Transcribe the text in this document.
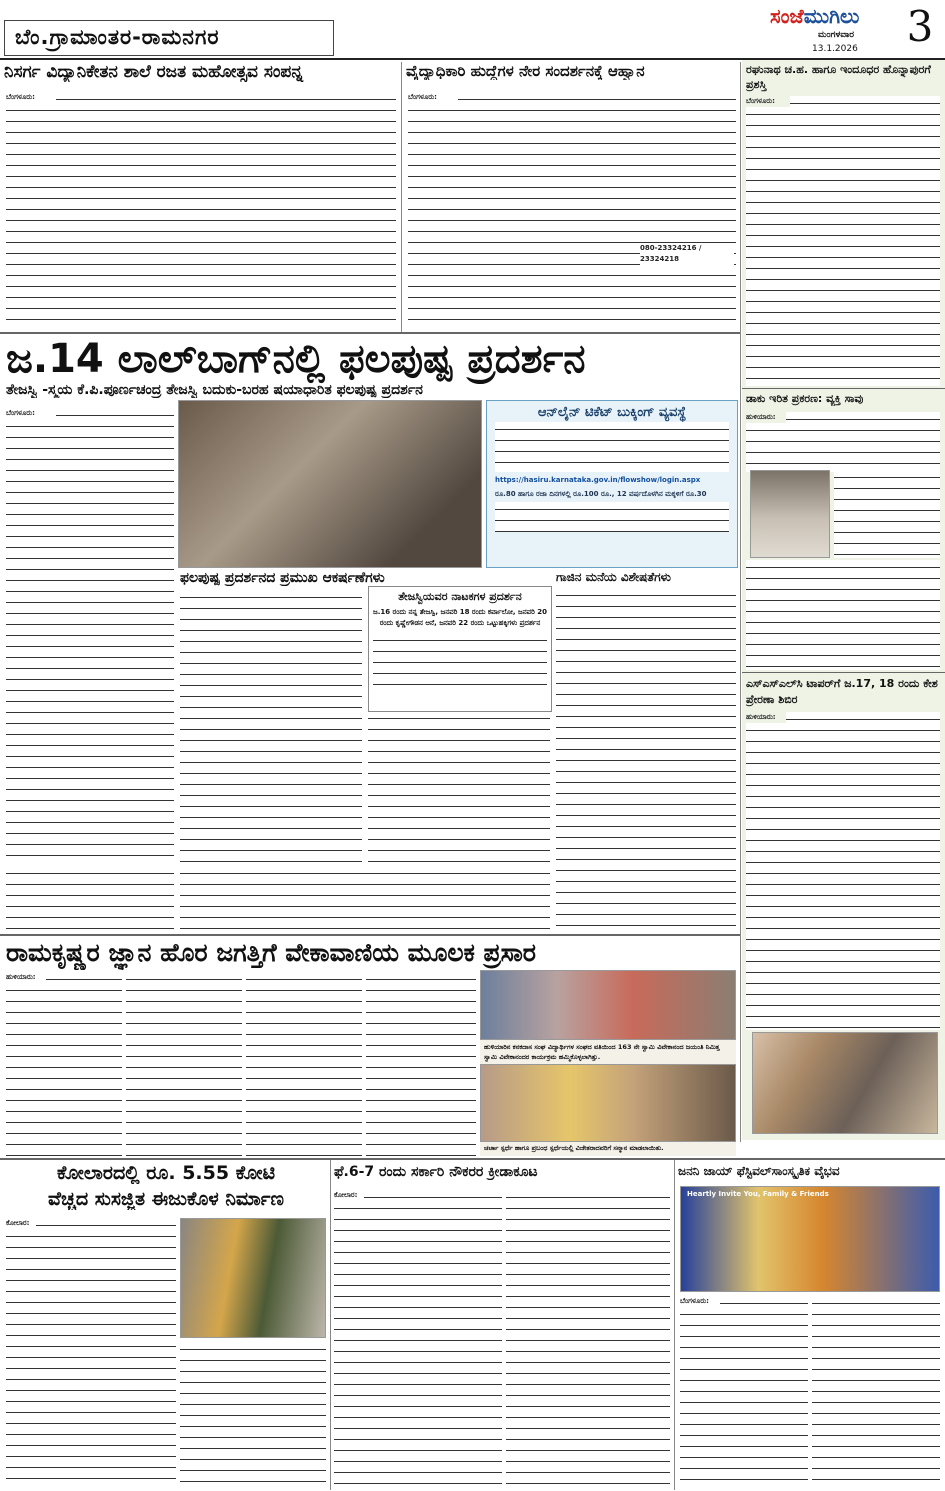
ಬೆಂ.ಗ್ರಾಮಾಂತರ-ರಾಮನಗರ
ಸಂಜೆಮುಗಿಲು
ಮಂಗಳವಾರ
13.1.2026	3
ನಿಸರ್ಗ ವಿದ್ಯಾನಿಕೇತನ ಶಾಲೆ ರಜತ ಮಹೋತ್ಸವ ಸಂಪನ್ನ
ಬೆಂಗಳೂರು:
ವೈದ್ಯಾಧಿಕಾರಿ ಹುದ್ದೆಗಳ ನೇರ ಸಂದರ್ಶನಕ್ಕೆ ಆಹ್ವಾನ
ಬೆಂಗಳೂರು:
080-23324216 / 23324218
ರಘುನಾಥ ಚ.ಹ. ಹಾಗೂ ಇಂದೂಧರ ಹೊನ್ನಾಪುರಗೆ ಪ್ರಶಸ್ತಿ
ಬೆಂಗಳೂರು:
ಡಾಕು ಇರಿತ ಪ್ರಕರಣ: ವ್ಯಕ್ತಿ ಸಾವು
ಹುಳಿಯಾರು:
ಎಸ್‌ಎಸ್‌ಎಲ್‌ಸಿ ಟಾಪರ್‌ಗೆ ಜ.17, 18 ರಂದು ಕೇಶ ಪ್ರೇರಣಾ ಶಿಬಿರ
ಹುಳಿಯಾರು:
ಜ.14 ಲಾಲ್‌ಬಾಗ್‌ನಲ್ಲಿ ಫಲಪುಷ್ಪ ಪ್ರದರ್ಶನ
ತೇಜಸ್ವಿ -ಸ್ಮಯ ಕೆ.ಪಿ.ಪೂರ್ಣಚಂದ್ರ ತೇಜಸ್ವಿ ಬದುಕು-ಬರಹ ಷಯಾಧಾರಿತ ಫಲಪುಷ್ಪ ಪ್ರದರ್ಶನ
ಬೆಂಗಳೂರು:	ಆನ್‌ಲೈನ್ ಟಿಕೆಟ್ ಬುಕ್ಕಿಂಗ್ ವ್ಯವಸ್ಥೆ
https://hasiru.karnataka.gov.in/flowshow/login.aspx
ರೂ.80 ಹಾಗೂ ರಜಾ ದಿನಗಳಲ್ಲಿ ರೂ.100 ರೂ., 12 ವರ್ಷದೊಳಗಿನ ಮಕ್ಕಳಿಗೆ ರೂ.30
ಫಲಪುಷ್ಪ ಪ್ರದರ್ಶನದ ಪ್ರಮುಖ ಆಕರ್ಷಣೆಗಳು	ಗಾಜಿನ ಮನೆಯ ವಿಶೇಷತೆಗಳು
ತೇಜಸ್ವಿಯವರ ನಾಟಕಗಳ ಪ್ರದರ್ಶನ
ಜ.16 ರಂದು ನನ್ನ ತೇಜಸ್ವಿ, ಜನವರಿ 18 ರಂದು ಕರ್ವಾಲೋ, ಜನವರಿ 20 ರಂದು ಕೃಷ್ಣೇಗೌಡನ ಆನೆ, ಜನವರಿ 22 ರಂದು ಒಟ್ಟುಹಕ್ಕಿಗಳು ಪ್ರದರ್ಶನ
ರಾಮಕೃಷ್ಣರ ಜ್ಞಾನ ಹೊರ ಜಗತ್ತಿಗೆ ವೇಕಾವಾಣಿಯ ಮೂಲಕ ಪ್ರಸಾರ
ಹುಳಿಯಾರು:
ಹುಳಿಯಾರಿನ ಕನಕದಾಸ ಸಂಘ ವಿದ್ಯಾರ್ಥಿಗಳ ಸಂಘದ ವತಿಯಿಂದ 163 ನೇ ಸ್ವಾಮಿ ವಿವೇಕಾನಂದ ಜಯಂತಿ ನಿಮಿತ್ತ ಸ್ವಾಮಿ ವಿವೇಕಾನಂದರ ಕಾರ್ಯಕ್ರಮ ಹಮ್ಮಿಕೊಳ್ಳಲಾಗಿತ್ತು.
ಚರ್ಚಾ ಸ್ಪರ್ಧೆ ಹಾಗೂ ಪ್ರಬಂಧ ಸ್ಪರ್ಧೆಯಲ್ಲಿ ವಿಜೇತರಾದವರಿಗೆ ಸನ್ಮಾನ ಮಾಡಲಾಯಿತು.
ಕೋಲಾರದಲ್ಲಿ ರೂ. 5.55 ಕೋಟಿ
ವೆಚ್ಚದ ಸುಸಜ್ಜಿತ ಈಜುಕೊಳ ನಿರ್ಮಾಣ
ಕೋಲಾರ:
ಫೆ.6-7 ರಂದು ಸರ್ಕಾರಿ ನೌಕರರ ಕ್ರೀಡಾಕೂಟ
ಕೋಲಾರ:
ಜನನಿ ಜಾಯ್ ಫೆಸ್ಟಿವಲ್‌ಸಾಂಸ್ಕೃತಿಕ ವೈಭವ
Heartly Invite You, Family & Friends
ಬೆಂಗಳೂರು:
